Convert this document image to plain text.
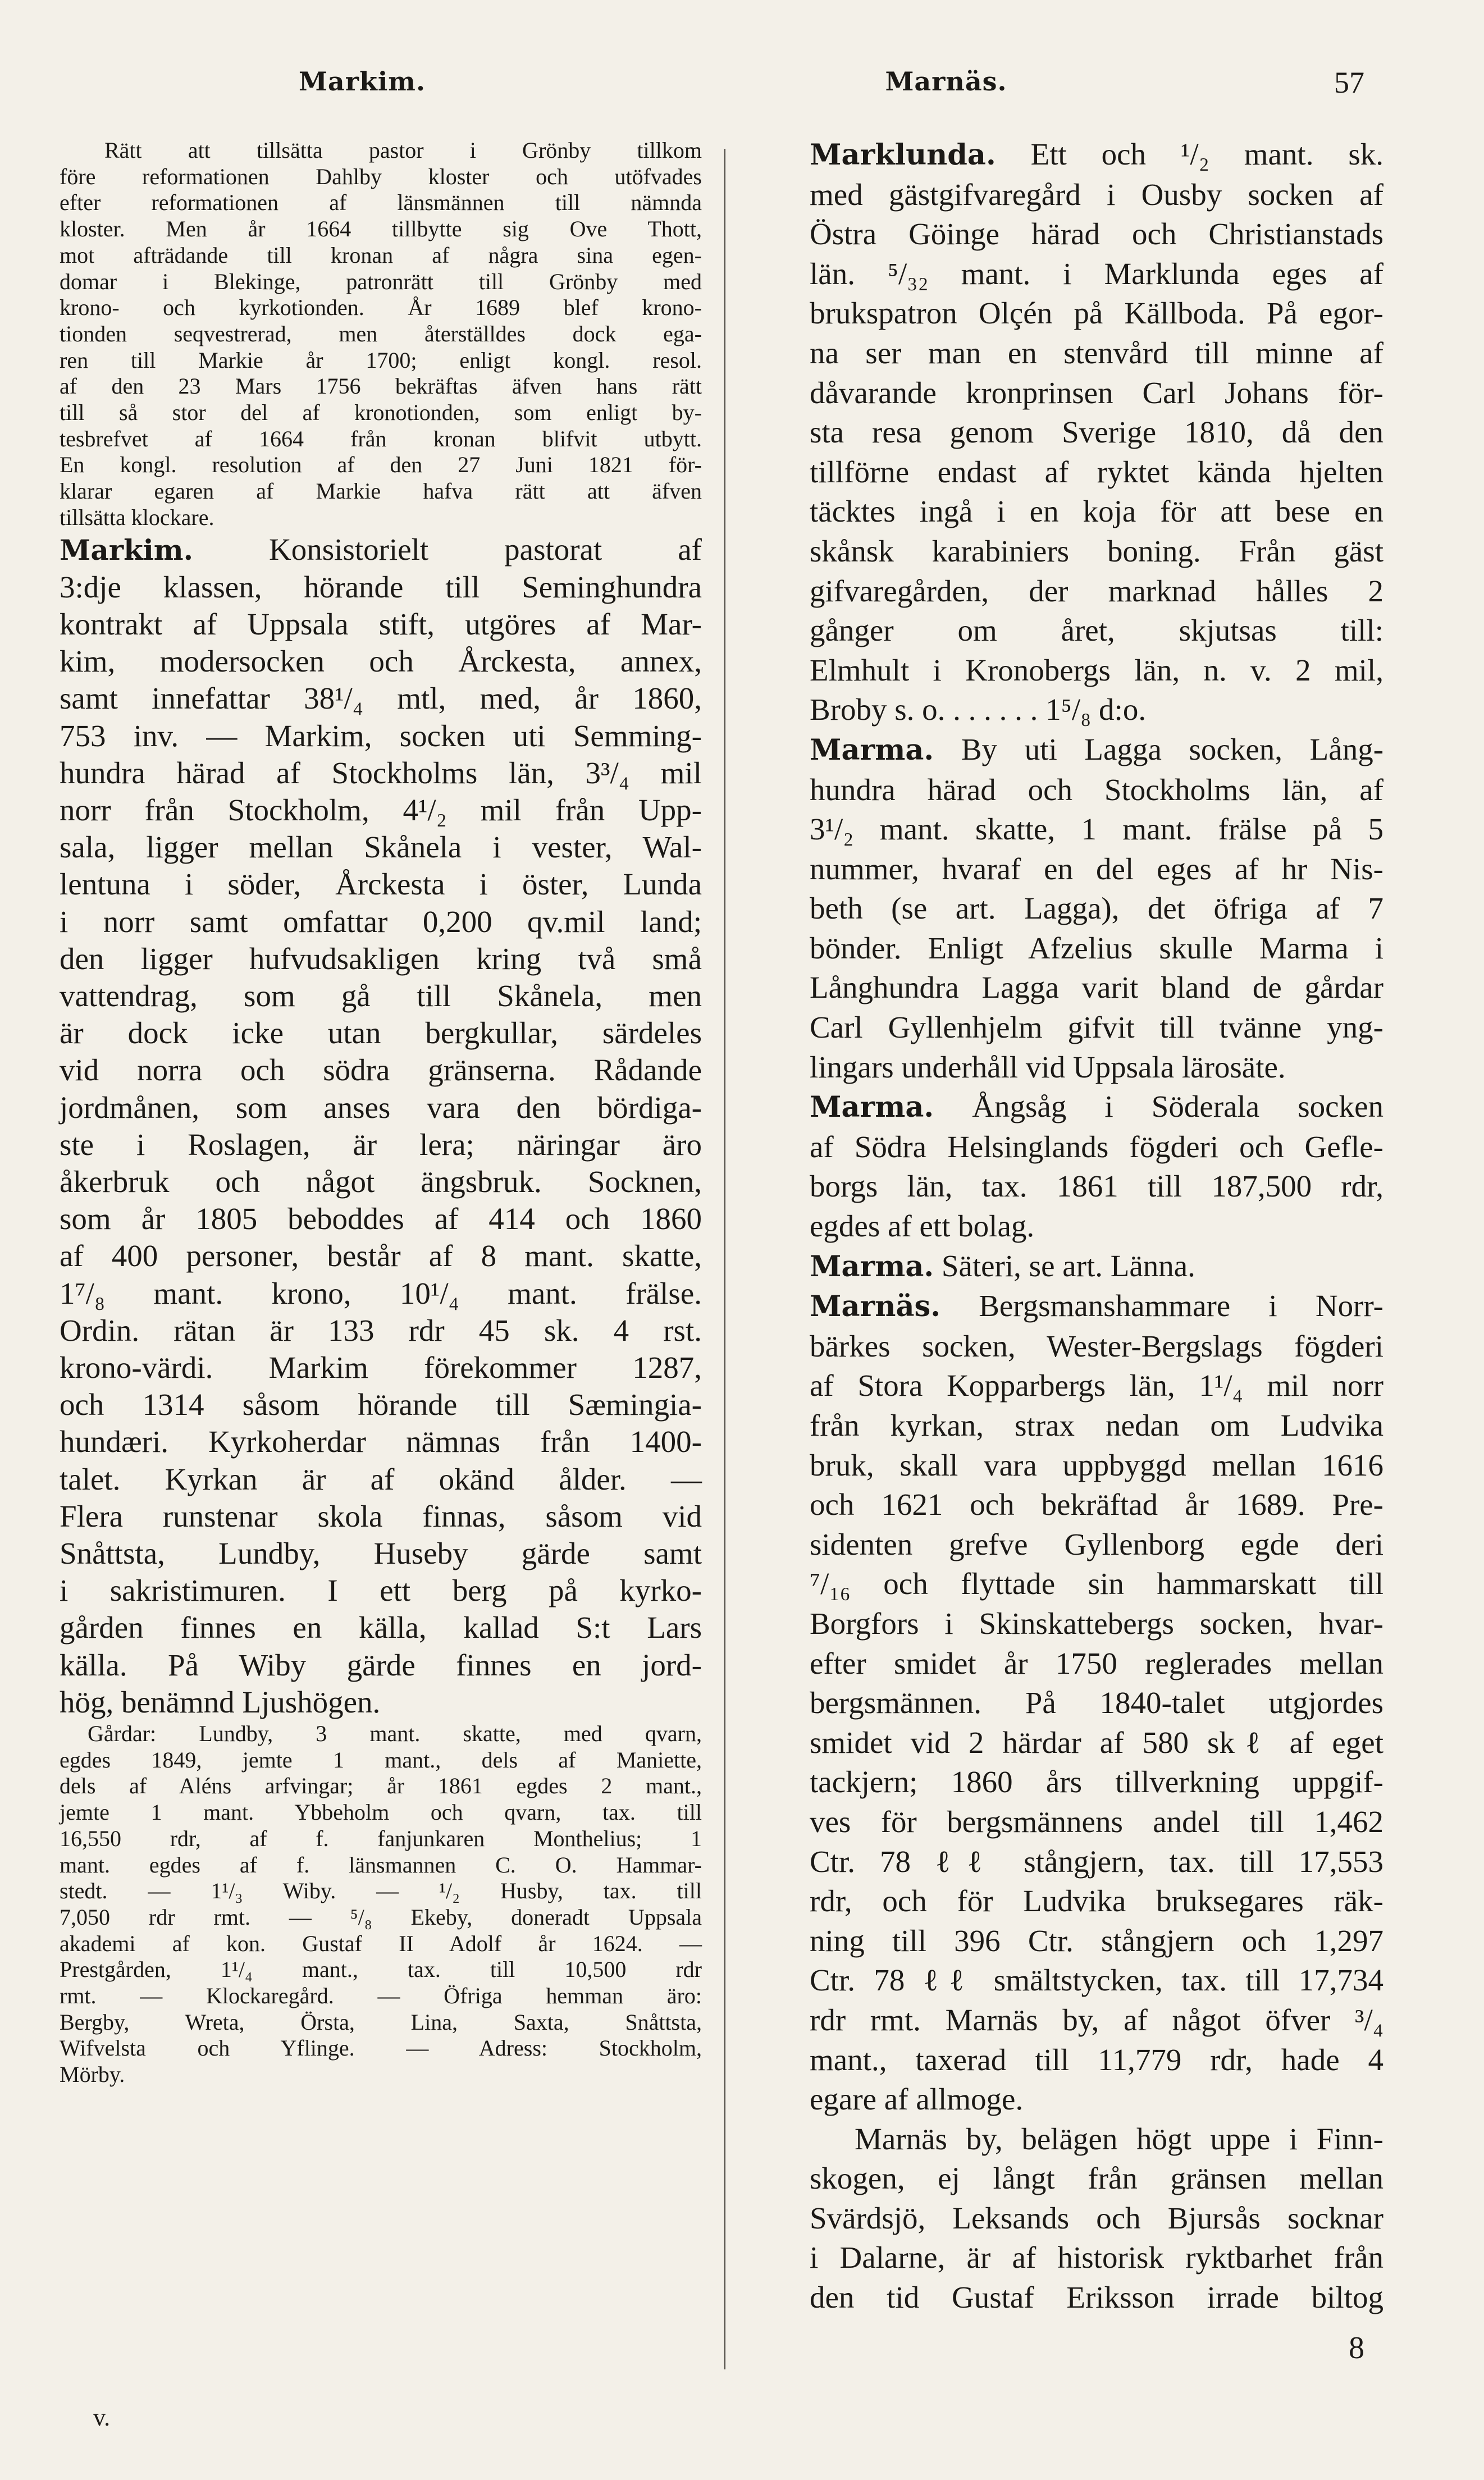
Markim.	Marnäs.	57

Rätt att tillsätta pastor i Grönby tillkom

före reformationen Dahlby kloster och utöfvades

efter reformationen af länsmännen till nämnda

kloster. Men år 1664 tillbytte sig Ove Thott,

mot afträdande till kronan af några sina egen-

domar i Blekinge, patronrätt till Grönby med

krono- och kyrkotionden. År 1689 blef krono-

tionden seqvestrerad, men återställdes dock ega-

ren till Markie år 1700; enligt kongl. resol.

af den 23 Mars 1756 bekräftas äfven hans rätt

till så stor del af kronotionden, som enligt by-

tesbrefvet af 1664 från kronan blifvit utbytt.

En kongl. resolution af den 27 Juni 1821 för-

klarar egaren af Markie hafva rätt att äfven

tillsätta klockare.

Markim. Konsistorielt pastorat af

3:dje klassen, hörande till Seminghundra

kontrakt af Uppsala stift, utgöres af Mar-

kim, modersocken och Årckesta, annex,

samt innefattar 38¹/₄ mtl, med, år 1860,

753 inv. — Markim, socken uti Semming-

hundra härad af Stockholms län, 3³/₄ mil

norr från Stockholm, 4¹/₂ mil från Upp-

sala, ligger mellan Skånela i vester, Wal-

lentuna i söder, Årckesta i öster, Lunda

i norr samt omfattar 0,200 qv.mil land;

den ligger hufvudsakligen kring två små

vattendrag, som gå till Skånela, men

är dock icke utan bergkullar, särdeles

vid norra och södra gränserna. Rådande

jordmånen, som anses vara den bördiga-

ste i Roslagen, är lera; näringar äro

åkerbruk och något ängsbruk. Socknen,

som år 1805 beboddes af 414 och 1860

af 400 personer, består af 8 mant. skatte,

1⁷/₈ mant. krono, 10¹/₄ mant. frälse.

Ordin. rätan är 133 rdr 45 sk. 4 rst.

krono-värdi. Markim förekommer 1287,

och 1314 såsom hörande till Sæmingia-

hundæri. Kyrkoherdar nämnas från 1400-

talet. Kyrkan är af okänd ålder. —

Flera runstenar skola finnas, såsom vid

Snåttsta, Lundby, Huseby gärde samt

i sakristimuren. I ett berg på kyrko-

gården finnes en källa, kallad S:t Lars

källa. På Wiby gärde finnes en jord-

hög, benämnd Ljushögen.

Gårdar: Lundby, 3 mant. skatte, med qvarn,

egdes 1849, jemte 1 mant., dels af Maniette,

dels af Aléns arfvingar; år 1861 egdes 2 mant.,

jemte 1 mant. Ybbeholm och qvarn, tax. till

16,550 rdr, af f. fanjunkaren Monthelius; 1

mant. egdes af f. länsmannen C. O. Hammar-

stedt. — 1¹/₃ Wiby. — ¹/₂ Husby, tax. till

7,050 rdr rmt. — ⁵/₈ Ekeby, doneradt Uppsala

akademi af kon. Gustaf II Adolf år 1624. —

Prestgården, 1¹/₄ mant., tax. till 10,500 rdr

rmt. — Klockaregård. — Öfriga hemman äro:

Bergby, Wreta, Örsta, Lina, Saxta, Snåttsta,

Wifvelsta och Yflinge. — Adress: Stockholm,

Mörby.

Marklunda. Ett och ¹/₂ mant. sk.

med gästgifvaregård i Ousby socken af

Östra Göinge härad och Christianstads

län. ⁵/₃₂ mant. i Marklunda eges af

brukspatron Olçén på Källboda. På egor-

na ser man en stenvård till minne af

dåvarande kronprinsen Carl Johans för-

sta resa genom Sverige 1810, då den

tillförne endast af ryktet kända hjelten

täcktes ingå i en koja för att bese en

skånsk karabiniers boning. Från gäst

gifvaregården, der marknad hålles 2

gånger om året, skjutsas till:

Elmhult i Kronobergs län, n. v. 2 mil,

Broby s. o. . . . . . . 1⁵/₈ d:o.

Marma. By uti Lagga socken, Lång-

hundra härad och Stockholms län, af

3¹/₂ mant. skatte, 1 mant. frälse på 5

nummer, hvaraf en del eges af hr Nis-

beth (se art. Lagga), det öfriga af 7

bönder. Enligt Afzelius skulle Marma i

Långhundra Lagga varit bland de gårdar

Carl Gyllenhjelm gifvit till tvänne yng-

lingars underhåll vid Uppsala lärosäte.

Marma. Ångsåg i Söderala socken

af Södra Helsinglands fögderi och Gefle-

borgs län, tax. 1861 till 187,500 rdr,

egdes af ett bolag.

Marma. Säteri, se art. Länna.

Marnäs. Bergsmanshammare i Norr-

bärkes socken, Wester-Bergslags fögderi

af Stora Kopparbergs län, 1¹/₄ mil norr

från kyrkan, strax nedan om Ludvika

bruk, skall vara uppbyggd mellan 1616

och 1621 och bekräftad år 1689. Pre-

sidenten grefve Gyllenborg egde deri

⁷/₁₆ och flyttade sin hammarskatt till

Borgfors i Skinskattebergs socken, hvar-

efter smidet år 1750 reglerades mellan

bergsmännen. På 1840-talet utgjordes

smidet vid 2 härdar af 580 skℓ af eget

tackjern; 1860 års tillverkning uppgif-

ves för bergsmännens andel till 1,462

Ctr. 78 ℓℓ stångjern, tax. till 17,553

rdr, och för Ludvika bruksegares räk-

ning till 396 Ctr. stångjern och 1,297

Ctr. 78 ℓℓ smältstycken, tax. till 17,734

rdr rmt. Marnäs by, af något öfver ³/₄

mant., taxerad till 11,779 rdr, hade 4

egare af allmoge.

Marnäs by, belägen högt uppe i Finn-

skogen, ej långt från gränsen mellan

Svärdsjö, Leksands och Bjursås socknar

i Dalarne, är af historisk ryktbarhet från

den tid Gustaf Eriksson irrade biltog

8
v.
